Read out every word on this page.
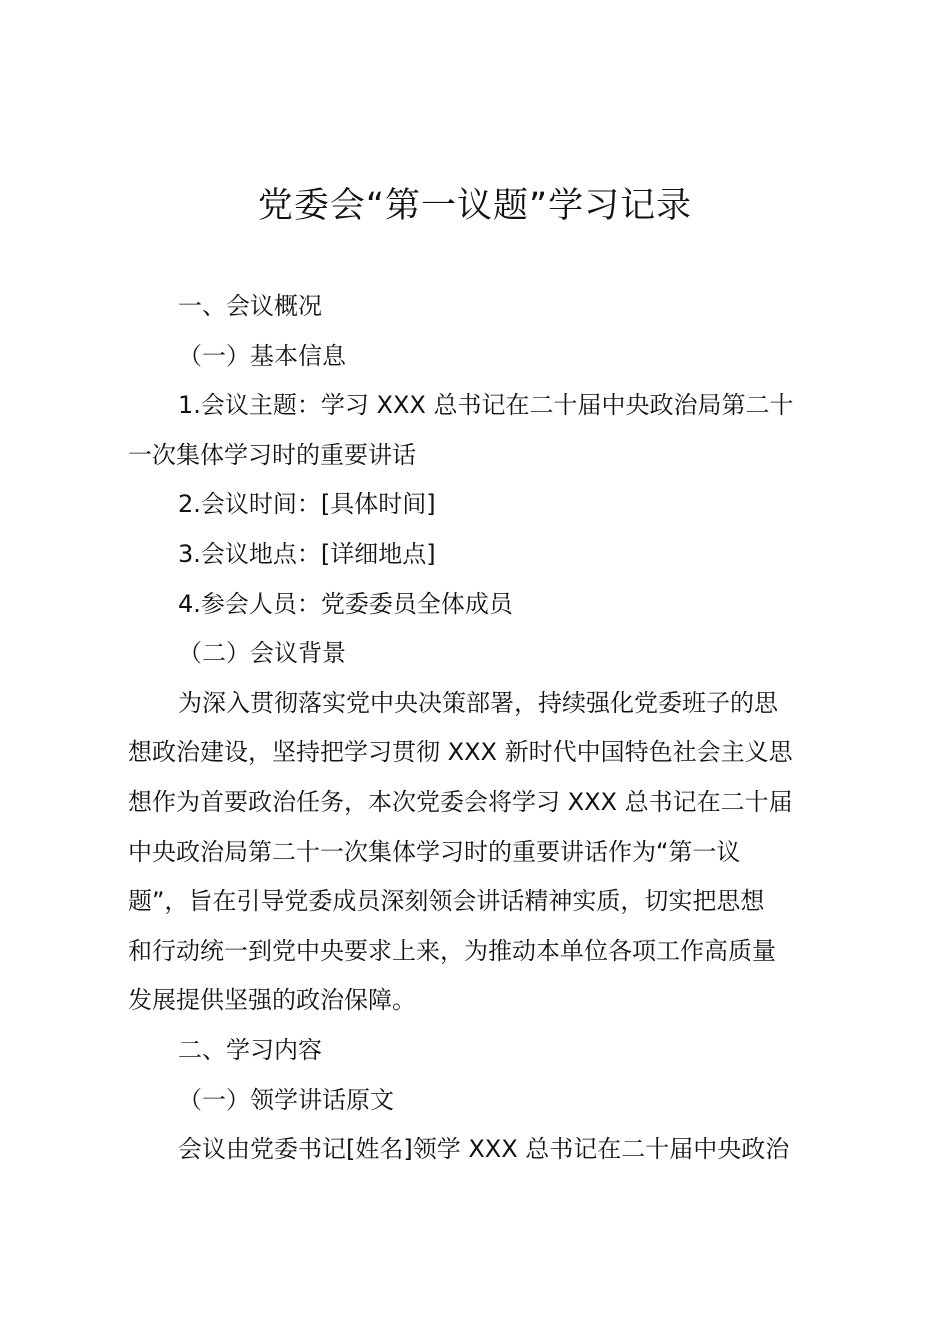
党委会“第一议题”学习记录
一、会议概况
（一）基本信息
1.会议主题：学习 XXX 总书记在二十届中央政治局第二十
一次集体学习时的重要讲话
2.会议时间：[具体时间]
3.会议地点：[详细地点]
4.参会人员：党委委员全体成员
（二）会议背景
为深入贯彻落实党中央决策部署，持续强化党委班子的思
想政治建设，坚持把学习贯彻 XXX 新时代中国特色社会主义思
想作为首要政治任务，本次党委会将学习 XXX 总书记在二十届
中央政治局第二十一次集体学习时的重要讲话作为“第一议
题”，旨在引导党委成员深刻领会讲话精神实质，切实把思想
和行动统一到党中央要求上来，为推动本单位各项工作高质量
发展提供坚强的政治保障。
二、学习内容
（一）领学讲话原文
会议由党委书记[姓名]领学 XXX 总书记在二十届中央政治
